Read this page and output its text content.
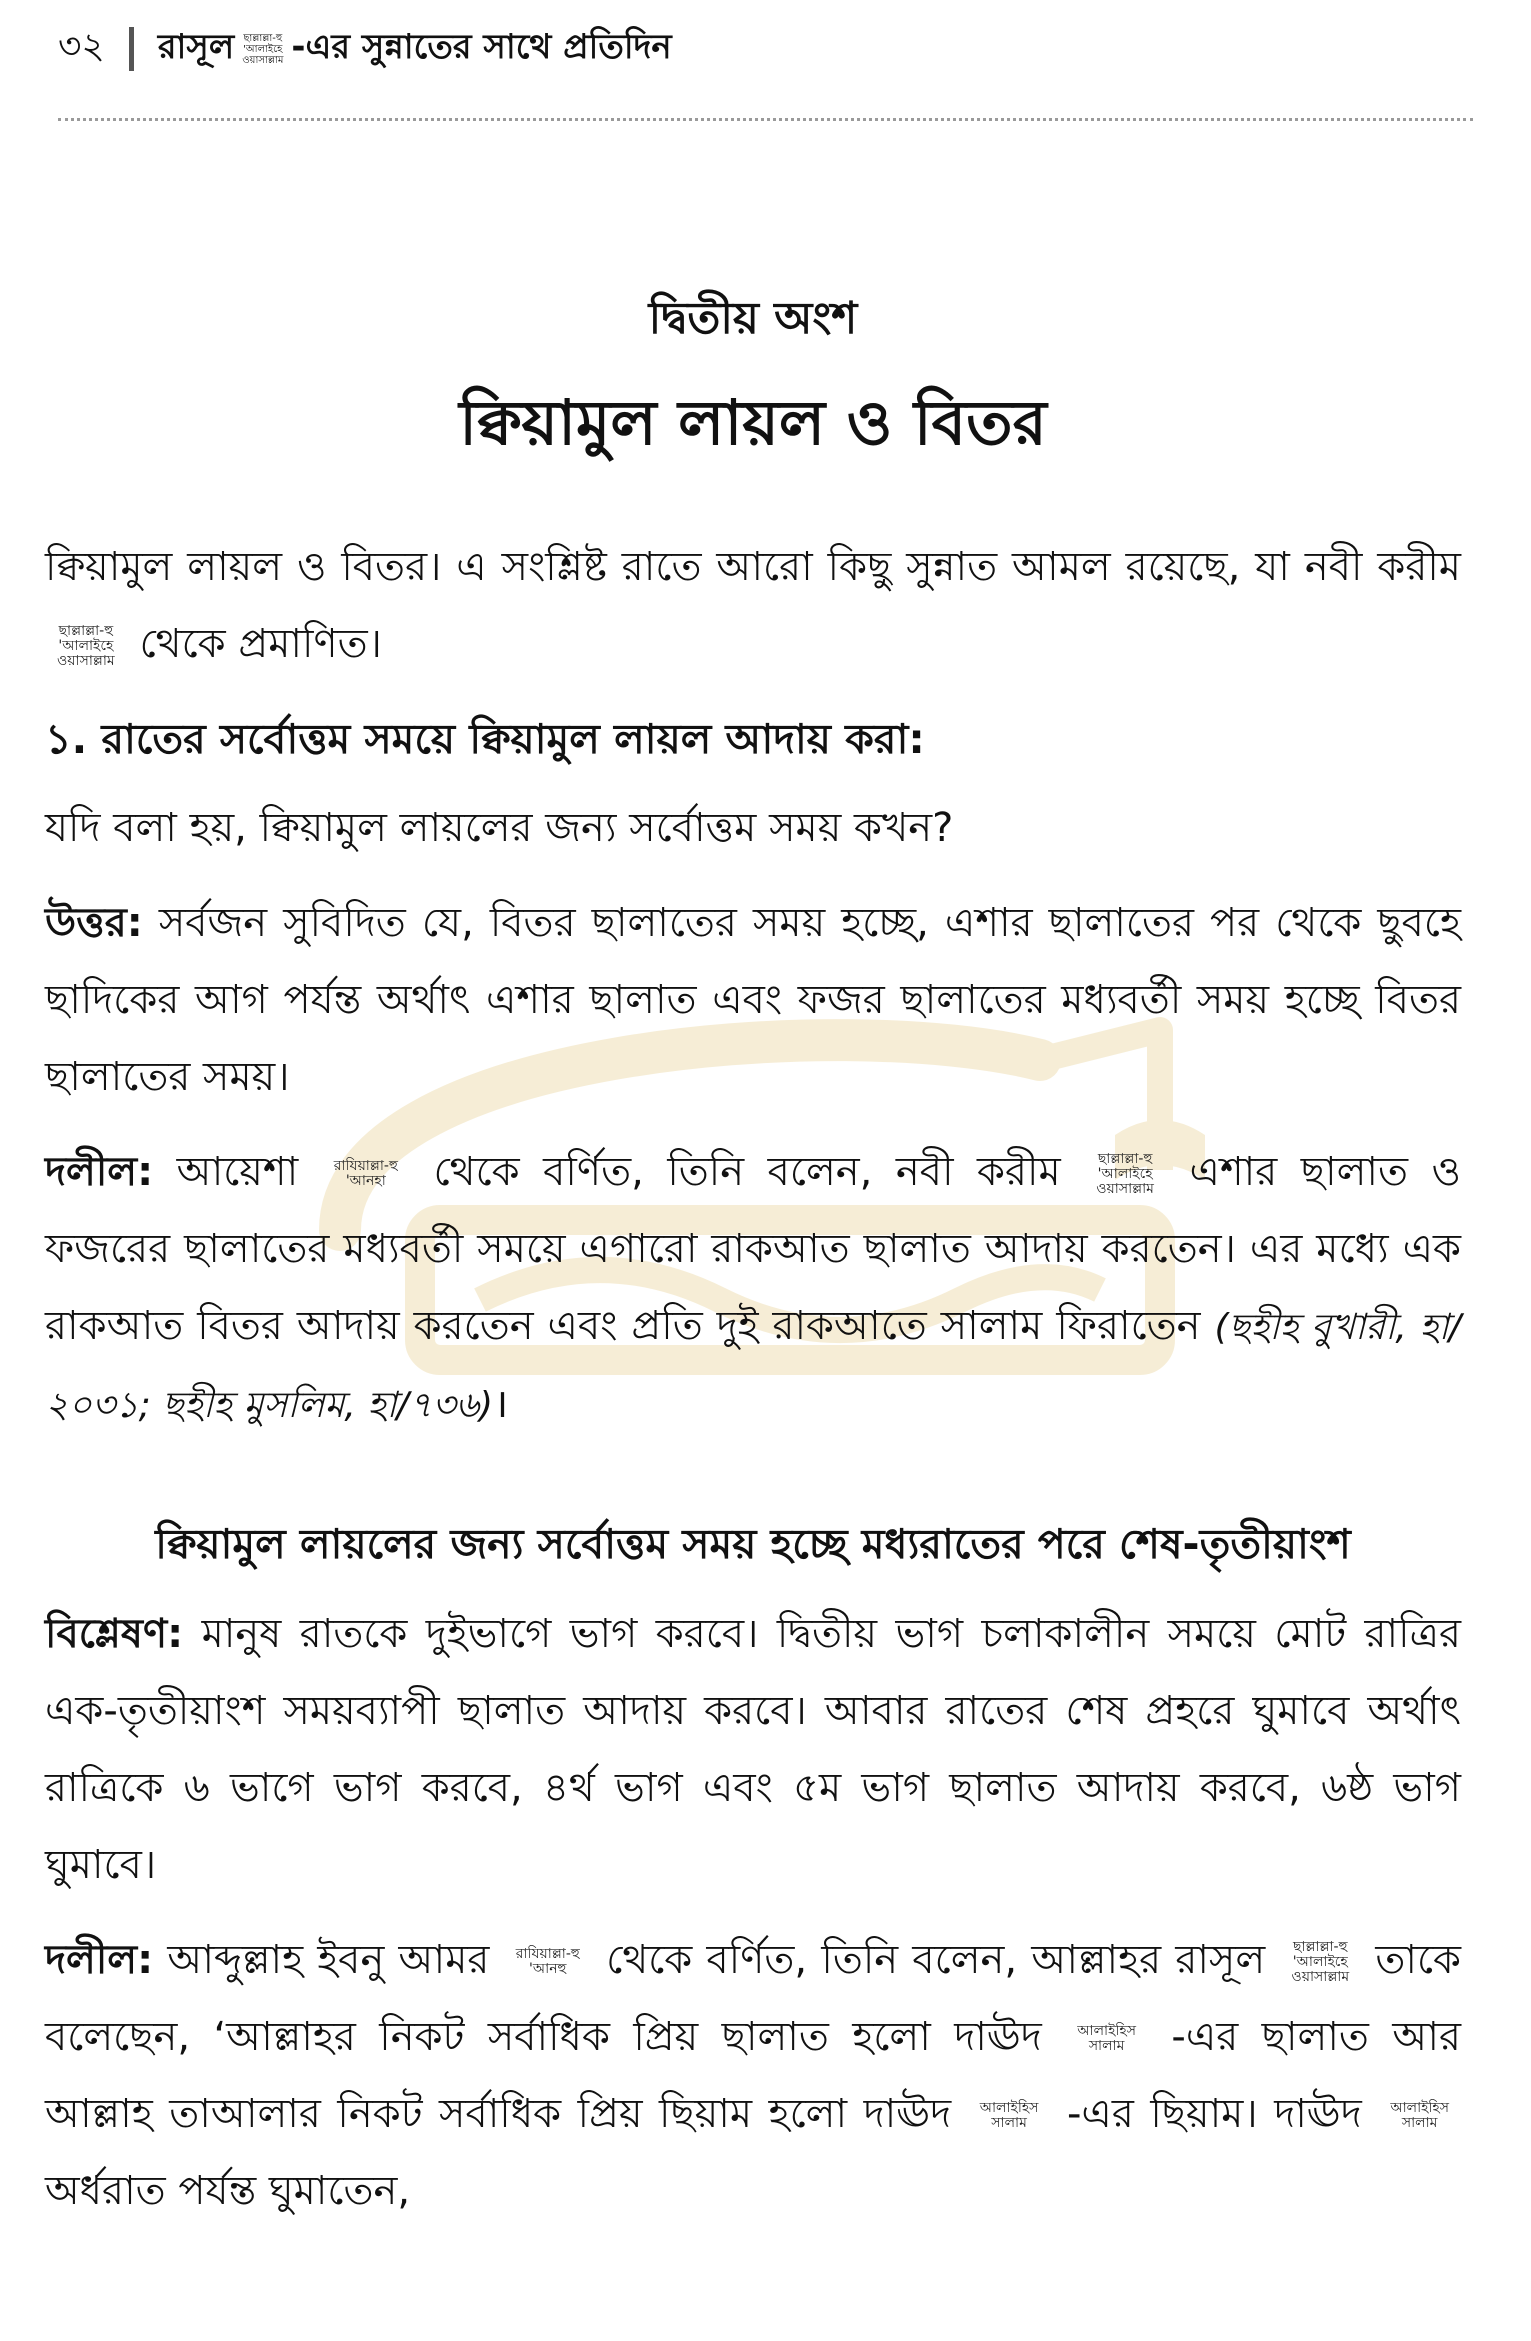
৩২ রাসূল ছাল্লাল্লা-হু
'আলাইহে
ওয়াসাল্লাম -এর সুন্নাতের সাথে প্রতিদিন
দ্বিতীয় অংশ
ক্বিয়ামুল লায়ল ও বিতর

ক্বিয়ামুল লায়ল ও বিতর। এ সংশ্লিষ্ট রাতে আরো কিছু সুন্নাত আমল রয়েছে, যা নবী করীম
ছাল্লাল্লা-হু
'আলাইহে
ওয়াসাল্লাম থেকে প্রমাণিত।

১. রাতের সর্বোত্তম সময়ে ক্বিয়ামুল লায়ল আদায় করা:

যদি বলা হয়, ক্বিয়ামুল লায়লের জন্য সর্বোত্তম সময় কখন?

উত্তর: সর্বজন সুবিদিত যে, বিতর ছালাতের সময় হচ্ছে, এশার ছালাতের পর থেকে ছুবহে ছাদিকের আগ পর্যন্ত অর্থাৎ এশার ছালাত এবং ফজর ছালাতের মধ্যবর্তী সময় হচ্ছে বিতর ছালাতের সময়।

দলীল: আয়েশা	রাযিয়াল্লা-হু
'আনহা থেকে বর্ণিত, তিনি বলেন, নবী করীম	ছাল্লাল্লা-হু
'আলাইহে
ওয়াসাল্লাম এশার ছালাত ও ফজরের ছালাতের মধ্যবর্তী সময়ে এগারো রাকআত ছালাত আদায় করতেন। এর মধ্যে এক রাকআত বিতর আদায় করতেন এবং প্রতি দুই রাকআতে সালাম ফিরাতেন (ছহীহ বুখারী, হা/২০৩১; ছহীহ মুসলিম, হা/৭৩৬)।

ক্বিয়ামুল লায়লের জন্য সর্বোত্তম সময় হচ্ছে মধ্যরাতের পরে শেষ-তৃতীয়াংশ

বিশ্লেষণ: মানুষ রাতকে দুইভাগে ভাগ করবে। দ্বিতীয় ভাগ চলাকালীন সময়ে মোট রাত্রির এক-তৃতীয়াংশ সময়ব্যাপী ছালাত আদায় করবে। আবার রাতের শেষ প্রহরে ঘুমাবে অর্থাৎ রাত্রিকে ৬ ভাগে ভাগ করবে, ৪র্থ ভাগ এবং ৫ম ভাগ ছালাত আদায় করবে, ৬ষ্ঠ ভাগ ঘুমাবে।

দলীল: আব্দুল্লাহ ইবনু আমর রাযিয়াল্লা-হু
'আনহু থেকে বর্ণিত, তিনি বলেন, আল্লাহর রাসূল ছাল্লাল্লা-হু
'আলাইহে
ওয়াসাল্লাম তাকে বলেছেন, ‘আল্লাহর নিকট সর্বাধিক প্রিয় ছালাত হলো দাঊদ	আলাইহিস
সালাম -এর ছালাত আর আল্লাহ তাআলার নিকট সর্বাধিক প্রিয় ছিয়াম হলো দাঊদ আলাইহিস
সালাম -এর ছিয়াম। দাঊদ আলাইহিস
সালাম
অর্ধরাত পর্যন্ত ঘুমাতেন,
